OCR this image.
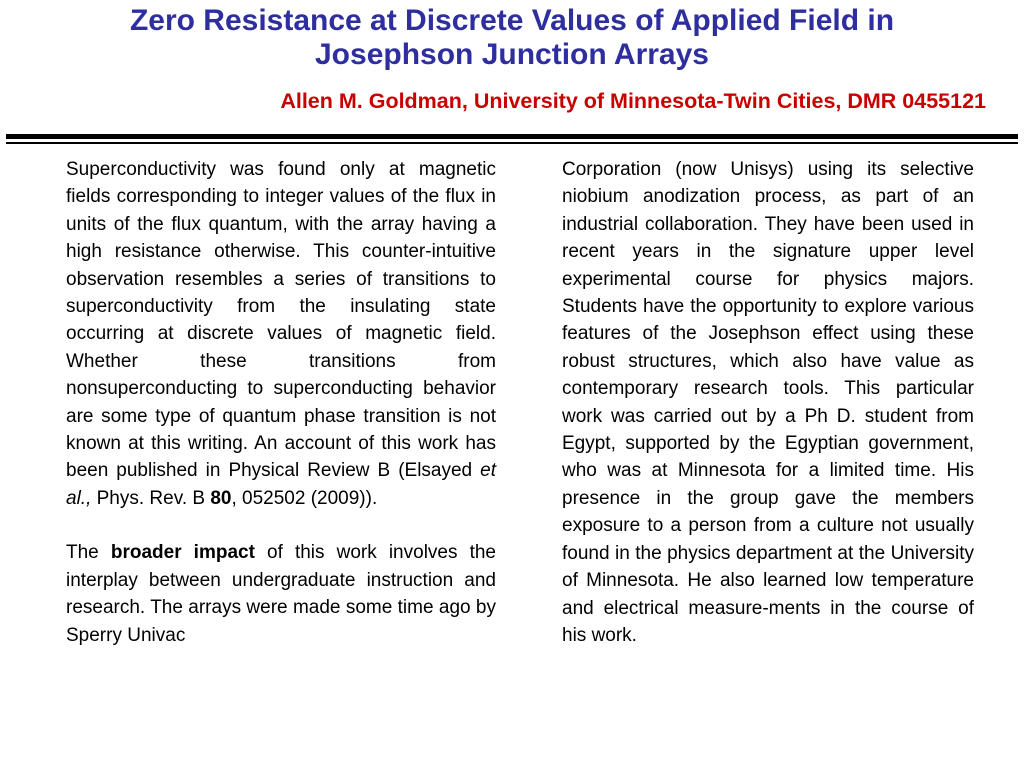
Zero Resistance at Discrete Values of Applied Field in
Josephson Junction Arrays
Allen M. Goldman, University of Minnesota-Twin Cities, DMR 0455121

Superconductivity was found only at magnetic fields corresponding to integer values of the flux in units of the flux quantum, with the array having a high resistance otherwise. This counter-intuitive observation resembles a series of transitions to superconductivity from the insulating state occurring at discrete values of magnetic field. Whether these transitions from nonsuperconducting to superconducting behavior are some type of quantum phase transition is not known at this writing. An account of this work has been published in Physical Review B (Elsayed et al., Phys. Rev. B 80, 052502 (2009)).

The broader impact of this work involves the interplay between undergraduate instruction and research. The arrays were made some time ago by Sperry Univac

Corporation (now Unisys) using its selective niobium anodization process, as part of an industrial collaboration. They have been used in recent years in the signature upper level experimental course for physics majors. Students have the opportunity to explore various features of the Josephson effect using these robust structures, which also have value as contemporary research tools. This particular work was carried out by a Ph D. student from Egypt, supported by the Egyptian government, who was at Minnesota for a limited time. His presence in the group gave the members exposure to a person from a culture not usually found in the physics department at the University of Minnesota. He also learned low temperature and electrical measure-ments in the course of his work.
